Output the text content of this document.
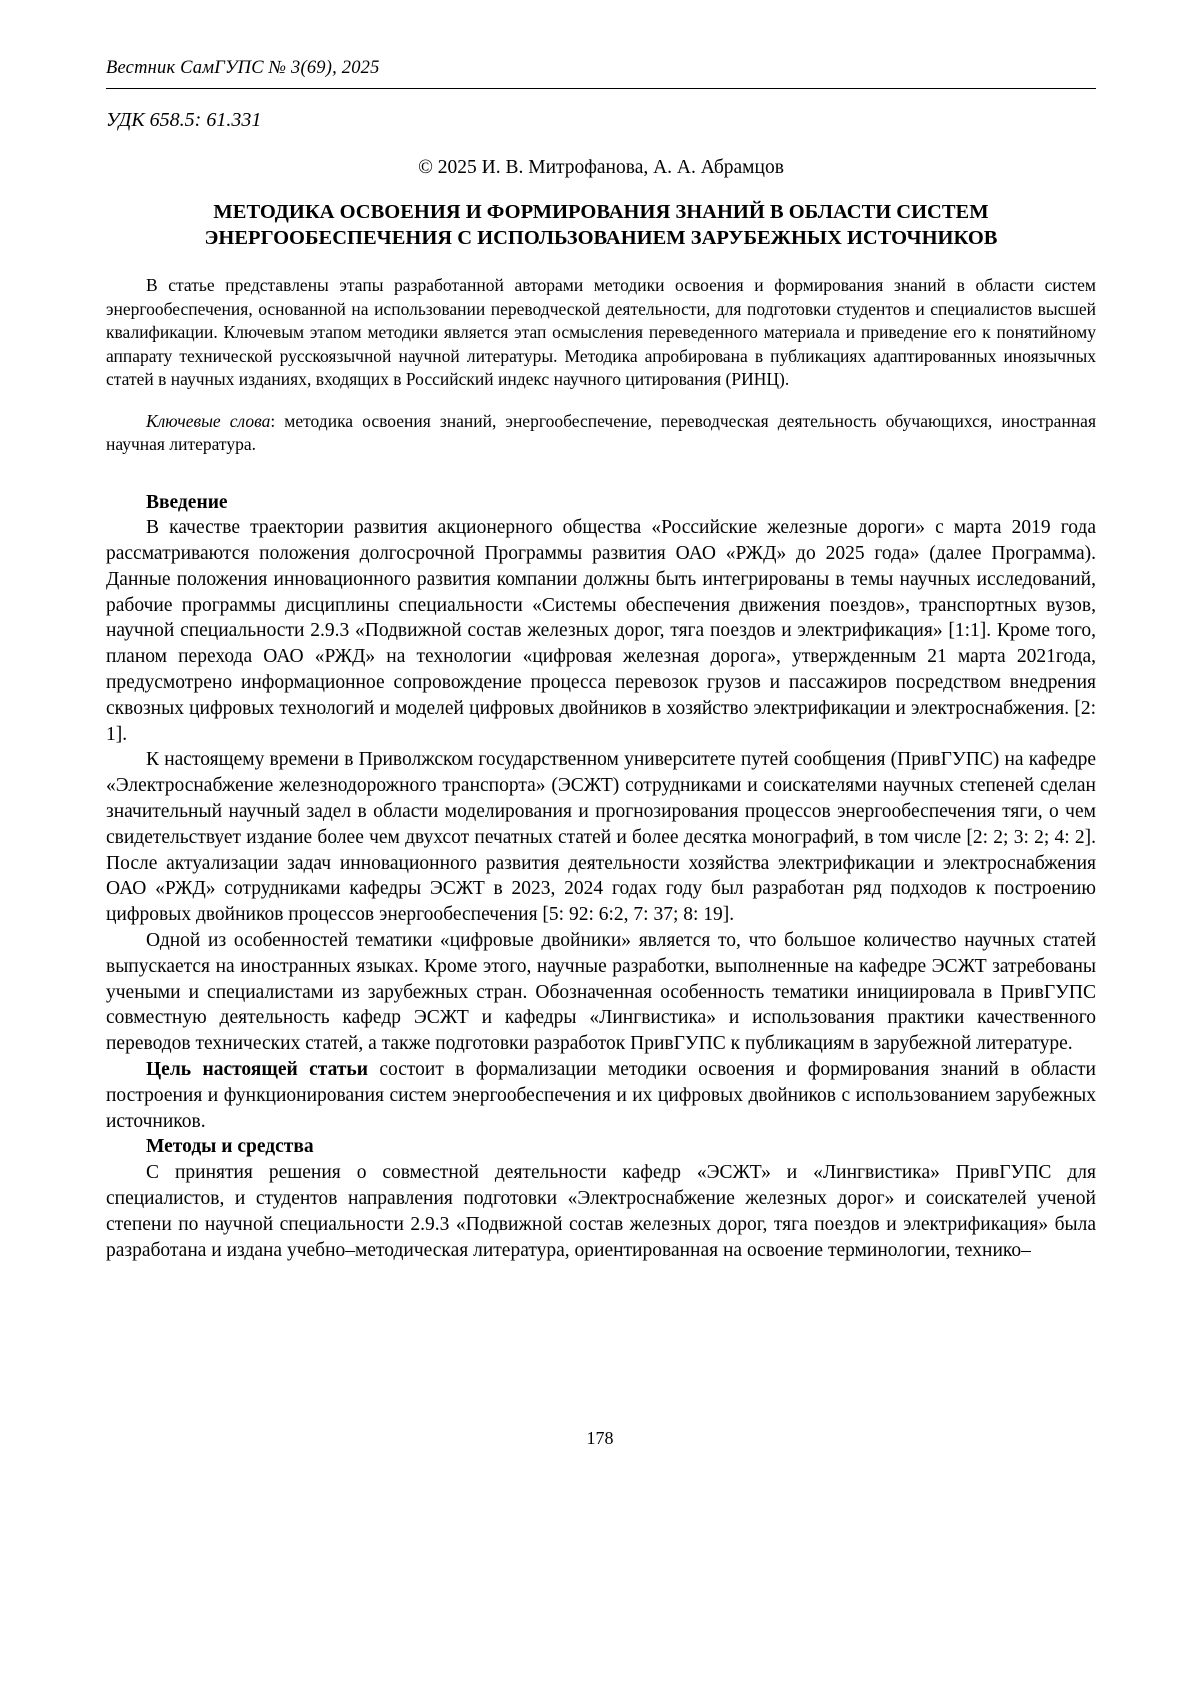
Вестник СамГУПС № 3(69), 2025
УДК 658.5: 61.331
© 2025 И. В. Митрофанова, А. А. Абрамцов
МЕТОДИКА ОСВОЕНИЯ И ФОРМИРОВАНИЯ ЗНАНИЙ В ОБЛАСТИ СИСТЕМ ЭНЕРГООБЕСПЕЧЕНИЯ С ИСПОЛЬЗОВАНИЕМ ЗАРУБЕЖНЫХ ИСТОЧНИКОВ

В статье представлены этапы разработанной авторами методики освоения и формирования знаний в области систем энергообеспечения, основанной на использовании переводческой деятельности, для подготовки студентов и специалистов высшей квалификации. Ключевым этапом методики является этап осмысления переведенного материала и приведение его к понятийному аппарату технической русскоязычной научной литературы. Методика апробирована в публикациях адаптированных иноязычных статей в научных изданиях, входящих в Российский индекс научного цитирования (РИНЦ).

Ключевые слова: методика освоения знаний, энергообеспечение, переводческая деятельность обучающихся, иностранная научная литература.

Введение

В качестве траектории развития акционерного общества «Российские железные дороги» с марта 2019 года рассматриваются положения долгосрочной Программы развития ОАО «РЖД» до 2025 года» (далее Программа). Данные положения инновационного развития компании должны быть интегрированы в темы научных исследований, рабочие программы дисциплины специальности «Системы обеспечения движения поездов», транспортных вузов, научной специальности 2.9.3 «Подвижной состав железных дорог, тяга поездов и электрификация» [1:1]. Кроме того, планом перехода ОАО «РЖД» на технологии «цифровая железная дорога», утвержденным 21 марта 2021года, предусмотрено информационное сопровождение процесса перевозок грузов и пассажиров посредством внедрения сквозных цифровых технологий и моделей цифровых двойников в хозяйство электрификации и электроснабжения. [2: 1].

К настоящему времени в Приволжском государственном университете путей сообщения (ПривГУПС) на кафедре «Электроснабжение железнодорожного транспорта» (ЭСЖТ) сотрудниками и соискателями научных степеней сделан значительный научный задел в области моделирования и прогнозирования процессов энергообеспечения тяги, о чем свидетельствует издание более чем двухсот печатных статей и более десятка монографий, в том числе [2: 2; 3: 2; 4: 2]. После актуализации задач инновационного развития деятельности хозяйства электрификации и электроснабжения ОАО «РЖД» сотрудниками кафедры ЭСЖТ в 2023, 2024 годах году был разработан ряд подходов к построению цифровых двойников процессов энергообеспечения [5: 92: 6:2, 7: 37; 8: 19].

Одной из особенностей тематики «цифровые двойники» является то, что большое количество научных статей выпускается на иностранных языках. Кроме этого, научные разработки, выполненные на кафедре ЭСЖТ затребованы учеными и специалистами из зарубежных стран. Обозначенная особенность тематики инициировала в ПривГУПС совместную деятельность кафедр ЭСЖТ и кафедры «Лингвистика» и использования практики качественного переводов технических статей, а также подготовки разработок ПривГУПС к публикациям в зарубежной литературе.

Цель настоящей статьи состоит в формализации методики освоения и формирования знаний в области построения и функционирования систем энергообеспечения и их цифровых двойников с использованием зарубежных источников.

Методы и средства

С принятия решения о совместной деятельности кафедр «ЭСЖТ» и «Лингвистика» ПривГУПС для специалистов, и студентов направления подготовки «Электроснабжение железных дорог» и соискателей ученой степени по научной специальности 2.9.3 «Подвижной состав железных дорог, тяга поездов и электрификация» была разработана и издана учебно–методическая литература, ориентированная на освоение терминологии, технико–

178
